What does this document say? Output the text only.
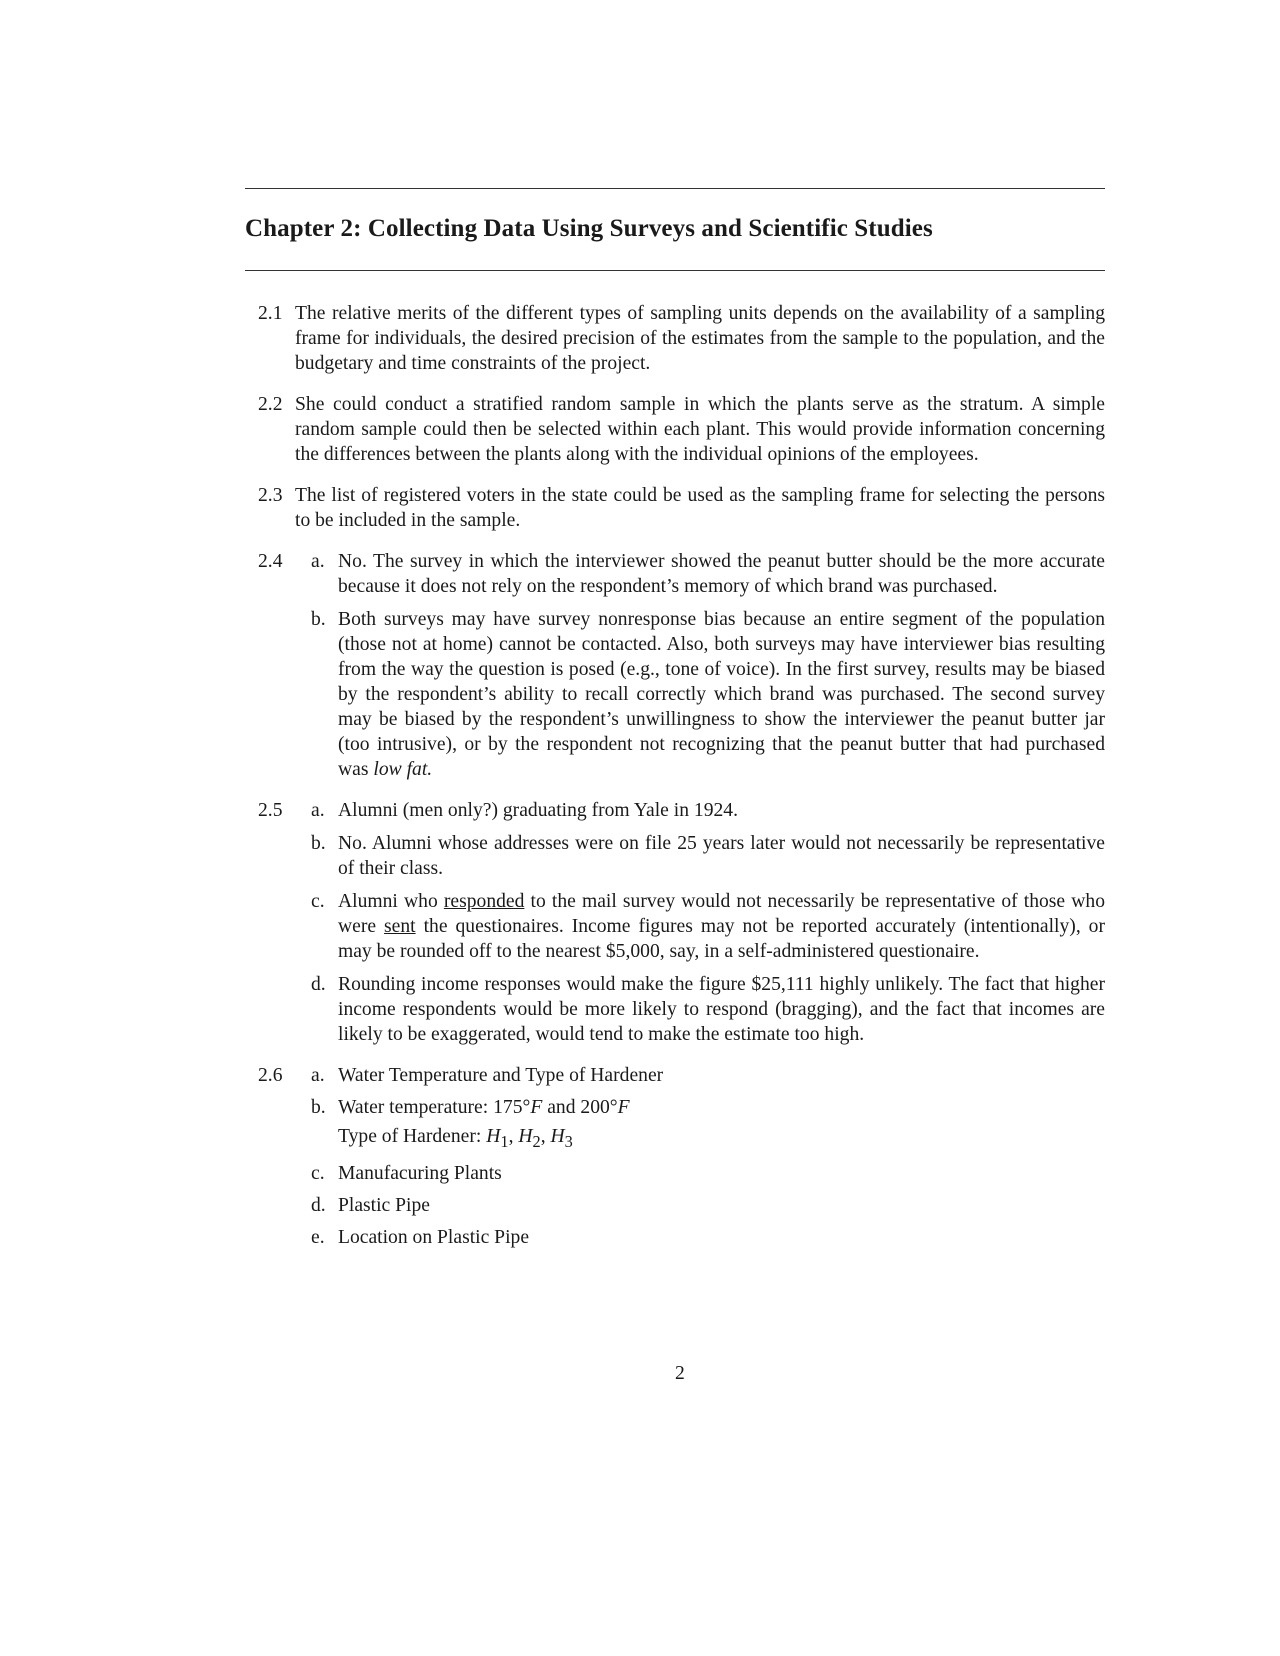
Chapter 2: Collecting Data Using Surveys and Scientific Studies
2.1 The relative merits of the different types of sampling units depends on the availability of a sampling frame for individuals, the desired precision of the estimates from the sample to the population, and the budgetary and time constraints of the project.
2.2 She could conduct a stratified random sample in which the plants serve as the stratum. A simple random sample could then be selected within each plant. This would provide information concerning the differences between the plants along with the individual opinions of the employees.
2.3 The list of registered voters in the state could be used as the sampling frame for selecting the persons to be included in the sample.
2.4 a. No. The survey in which the interviewer showed the peanut butter should be the more accurate because it does not rely on the respondent’s memory of which brand was purchased.
b. Both surveys may have survey nonresponse bias because an entire segment of the population (those not at home) cannot be contacted. Also, both surveys may have interviewer bias resulting from the way the question is posed (e.g., tone of voice). In the first survey, results may be biased by the respondent’s ability to recall correctly which brand was purchased. The second survey may be biased by the respondent’s unwillingness to show the interviewer the peanut butter jar (too intrusive), or by the respondent not recognizing that the peanut butter that had purchased was low fat.
2.5 a. Alumni (men only?) graduating from Yale in 1924.
b. No. Alumni whose addresses were on file 25 years later would not necessarily be representative of their class.
c. Alumni who responded to the mail survey would not necessarily be representative of those who were sent the questionaires. Income figures may not be reported accurately (intentionally), or may be rounded off to the nearest $5,000, say, in a self-administered questionaire.
d. Rounding income responses would make the figure $25,111 highly unlikely. The fact that higher income respondents would be more likely to respond (bragging), and the fact that incomes are likely to be exaggerated, would tend to make the estimate too high.
2.6 a. Water Temperature and Type of Hardener
b. Water temperature: 175°F and 200°F
Type of Hardener: $H_1$, $H_2$, $H_3$
c. Manufacuring Plants
d. Plastic Pipe
e. Location on Plastic Pipe
2
